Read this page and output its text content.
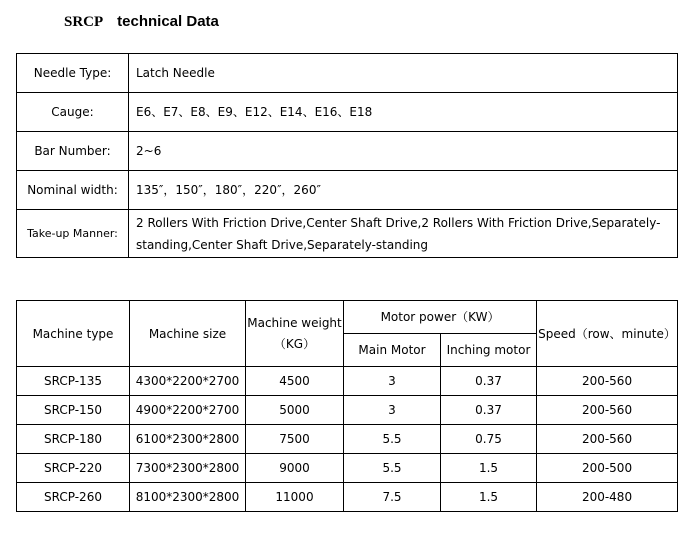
SRCP technical Data
Needle Type:	Latch Needle
Cauge:	E6、E7、E8、E9、E12、E14、E16、E18
Bar Number:	2~6
Nominal width:	135″，150″，180″，220″，260″
Take-up Manner:	2 Rollers With Friction Drive,Center Shaft Drive,2 Rollers With Friction Drive,Separately-standing,Center Shaft Drive,Separately-standing
Machine type	Machine size	Machine weight（KG）	Motor power（KW）		Speed（row、minute）
			Main Motor	Inching motor	
SRCP-135	4300*2200*2700	4500	3	0.37	200-560
SRCP-150	4900*2200*2700	5000	3	0.37	200-560
SRCP-180	6100*2300*2800	7500	5.5	0.75	200-560
SRCP-220	7300*2300*2800	9000	5.5	1.5	200-500
SRCP-260	8100*2300*2800	11000	7.5	1.5	200-480
